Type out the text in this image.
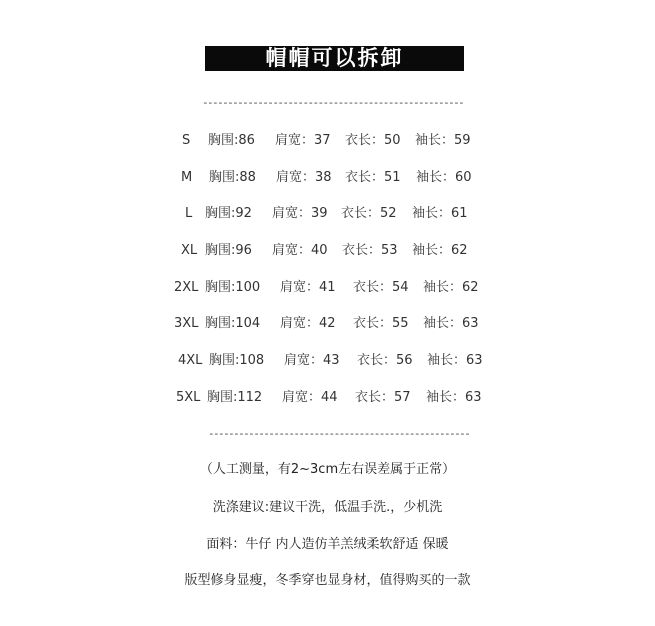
帽帽可以拆卸
----------------------------------------------------
S 胸围:86 肩宽：37 衣长：50 袖长：59
M 胸围:88 肩宽：38 衣长：51 袖长：60
L 胸围:92 肩宽：39 衣长：52 袖长：61
XL 胸围:96 肩宽：40 衣长：53 袖长：62
2XL 胸围:100 肩宽：41 衣长：54 袖长：62
3XL 胸围:104 肩宽：42 衣长：55 袖长：63
4XL 胸围:108 肩宽：43 衣长：56 袖长：63
5XL 胸围:112 肩宽：44 衣长：57 袖长：63
----------------------------------------------------
（人工测量，有2~3cm左右误差属于正常）
洗涤建议:建议干洗，低温手洗.，少机洗
面料：牛仔 内人造仿羊羔绒柔软舒适 保暖
版型修身显瘦，冬季穿也显身材，值得购买的一款
